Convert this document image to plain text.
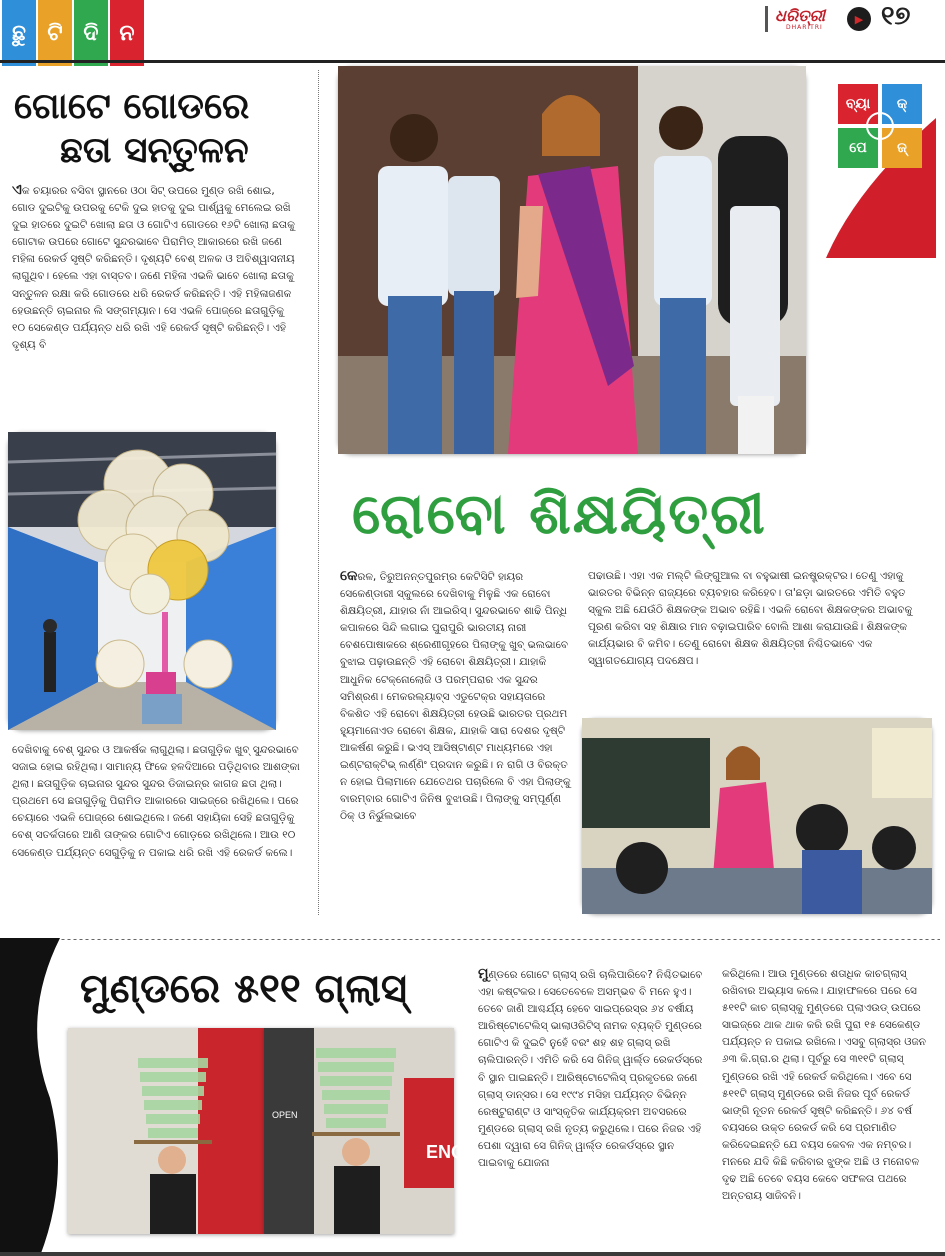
ଛୁ ଟି ଦି ନ
ଧରିତ୍ରୀ
DHARITRI
▶ ୧୭
ଗୋଟେ ଗୋଡରେ
ଛତା ସନ୍ତୁଳନ
ଏକ ଚୟାରର ବସିବା ସ୍ଥାନରେ ଓଠା ସିଟ୍ ଉପରେ ମୁଣ୍ଡ ରଖି ଶୋଇ, ଗୋଡ ଦୁଇଟିକୁ ଉପରକୁ ଟେକି ଦୁଇ ହାତକୁ ଦୁଇ ପାର୍ଶ୍ୱକୁ ମେଲେଇ ରଖି ଦୁଇ ହାତରେ ଦୁଇଟି ଖୋଲା ଛତା ଓ ଗୋଟିଏ ଗୋଡରେ ୧୬ଟି ଖୋଲା ଛତାକୁ ଗୋଟାକ ଉପରେ ଗୋଟେ ସୁନ୍ଦରଭାବେ ପିରାମିଡ୍ ଆକାରରେ ରଖି ଜଣେ ମହିଳା ରେକର୍ଡ ସୃଷ୍ଟି କରିଛନ୍ତି। ଦୃଶ୍ୟଟି ବେଶ୍ ଅଳକ ଓ ଅବିଶ୍ୱାସନୀୟ ଲାଗୁଥିବ। ହେଲେ ଏହା ବାସ୍ତବ। ଜଣେ ମହିଳା ଏଭଳି ଭାବେ ଖୋଲା ଛତାକୁ ସନ୍ତୁଳନ ରକ୍ଷା କରି ଗୋଡରେ ଧରି ରେକର୍ଡ କରିଛନ୍ତି। ଏହି ମହିଳାଜଣକ ହେଉଛନ୍ତି ଚାଇନାର ଲି ସଙ୍ଗମ୍ୟାନ। ସେ ଏଭଳି ପୋଜ୍‌ରେ ଛତାଗୁଡ଼ିକୁ ୧୦ ସେକେଣ୍ଡ ପର୍ଯ୍ୟନ୍ତ ଧରି ରଖି ଏହି ରେକର୍ଡ ସୃଷ୍ଟି କରିଛନ୍ତି। ଏହି ଦୃଶ୍ୟ ବି
ଦେଖିବାକୁ ବେଶ୍ ସୁନ୍ଦର ଓ ଆକର୍ଷକ ଲାଗୁଥିଲା। ଛତାଗୁଡ଼ିକ ଖୁବ୍ ସୁନ୍ଦରଭାବେ ସଜାଇ ହୋଇ ରହିଥିଲା। ସାମାନ୍ୟ ଫିକେ ହଳଦିଆରେ ପଡ଼ିଥିବାର ଆଶଙ୍କା ଥିଲା। ଛତାଗୁଡ଼ିକ ଚାଇନାର ସୁନ୍ଦର ସୁନ୍ଦର ଡିଜାଇନ୍‌ର କାଗଜ ଛତା ଥିଲା। ପ୍ରଥମେ ସେ ଛତାଗୁଡ଼ିକୁ ପିରାମିଡ ଆକାରରେ ସାଇଜ୍‌ରେ ରଖିଥିଲେ। ପରେ ଚେୟାରେ ଏଭଳି ପୋଜ୍‌ରେ ଶୋଇଥିଲେ। ଜଣେ ସହାୟିକା ସେହି ଛତାଗୁଡ଼ିକୁ ବେଶ୍ ସତର୍କତାରେ ଆଣି ତାଙ୍କର ଗୋଟିଏ ଗୋଡ଼ରେ ରଖିଥିଲେ। ଆଉ ୧୦ ସେକେଣ୍ଡ ପର୍ଯ୍ୟନ୍ତ ସେଗୁଡ଼ିକୁ ନ ପକାଇ ଧରି ରଖି ଏହି ରେକର୍ଡ କଲେ।
ବ୍ୟା	କ୍
ପେ	ଜ୍
ରୋବୋ ଶିକ୍ଷୟିତ୍ରୀ
କେରଳ, ତିରୁଅନନ୍ତପୁରମ୍‌ର କେଟିସିଟି ହାୟର ସେକେଣ୍ଡାରୀ ସ୍କୁଲରେ ଦେଖିବାକୁ ମିଳୁଛି ଏକ ରୋବୋ ଶିକ୍ଷୟିତ୍ରୀ, ଯାହାର ନାଁ ଆଇରିସ୍। ସୁନ୍ଦରଭାବେ ଶାଢି ପିନ୍ଧି କପାଳରେ ସିନ୍ଦି ଲଗାଇ ପୁରାପୁରି ଭାରତୀୟ ନାରୀ ବେଶପୋଷାକରେ ଶ୍ରେଣୀଗୃହରେ ପିଲାଙ୍କୁ ଖୁବ୍ ଭଲଭାବେ ବୁଝାଇ ପଢ଼ାଉଛନ୍ତି ଏହି ରୋବୋ ଶିକ୍ଷୟିତ୍ରୀ। ଯାହାକି ଆଧୁନିକ ଟେକ୍ନୋଲୋଜି ଓ ପରମ୍ପରାର ଏକ ସୁନ୍ଦର ସମିଶ୍ରଣ। ମେକରଲ୍ୟାବ୍ସ ଏଡୁଟେକ୍‌ର ସହାୟତାରେ ବିକଶିତ ଏହି ରୋବୋ ଶିକ୍ଷୟିତ୍ରୀ ହେଉଛି ଭାରତର ପ୍ରଥମ ହ୍ୟୁମାନୋଏଡ ରୋବୋ ଶିକ୍ଷକ, ଯାହାକି ସାରା ଦେଶର ଦୃଷ୍ଟି ଆକର୍ଷଣ କରୁଛି। ଭଏସ୍ ଆସିଷ୍ଟାଣ୍ଟ ମାଧ୍ୟମରେ ଏହା ଇଣ୍ଟରାକ୍ଟିଭ୍ ଲର୍ଣ୍ଣିଂ ପ୍ରଦାନ କରୁଛି। ନ ରାଗି ଓ ବିରକ୍ତ ନ ହୋଇ ପିଲାମାନେ ଯେତେଥର ପଚାରିଲେ ବି ଏହା ପିଲାଙ୍କୁ ବାରମ୍ବାର ଗୋଟିଏ ଜିନିଷ ବୁଝାଉଛି। ପିଲାଙ୍କୁ ସମ୍ପୂର୍ଣ୍ଣ ଠିକ୍ ଓ ନିର୍ଭୁଲଭାବେ
ପଢାଉଛି। ଏହା ଏକ ମଲ୍ଟି ଲିଙ୍ଗୁଆଲ ବା ବହୁଭାଷୀ ଇନଷ୍ଟ୍ରକ୍ଟର। ତେଣୁ ଏହାକୁ ଭାରତର ବିଭିନ୍ନ ରାଜ୍ୟରେ ବ୍ୟବହାର କରିହେବ। ତା'ଛଡ଼ା ଭାରତରେ ଏମିତି ବହୁତ ସ୍କୁଲ ଅଛି ଯେଉଁଠି ଶିକ୍ଷକଙ୍କ ଅଭାବ ରହିଛି। ଏଭଳି ରୋବୋ ଶିକ୍ଷକଙ୍କର ଅଭାବକୁ ପୂରଣ କରିବା ସହ ଶିକ୍ଷାର ମାନ ବଢ଼ାଇପାରିବ ବୋଲି ଆଶା କରାଯାଉଛି। ଶିକ୍ଷକଙ୍କ କାର୍ଯ୍ୟଭାର ବି କମିବ। ତେଣୁ ରୋବୋ ଶିକ୍ଷକ ଶିକ୍ଷୟିତ୍ରୀ ନିଶ୍ଚିତଭାବେ ଏକ ସ୍ୱାଗତଯୋଗ୍ୟ ପଦକ୍ଷେପ।
ମୁଣ୍ଡରେ ୫୧୧ ଗ୍ଲାସ୍
ENQUE
OPEN
ମୁଣ୍ଡରେ ଗୋଟେ ଗ୍ଲାସ୍ ରଖି ଚାଲିପାରିବେ? ନିଶ୍ଚିତଭାବେ ଏହା କଷ୍ଟକର। ସେତେବେଳେ ଅସମ୍ଭବ ବି ମନେ ହୁଏ। ତେବେ ଜାଣି ଆଶ୍ଚର୍ଯ୍ୟ ହେବେ ସାଇପ୍ରେସ୍‌ର ୬୪ ବର୍ଷୀୟ ଆରିଷ୍ଟୋଟେଲିସ୍ ଭାଲାଓରିଟିସ୍ ନାମକ ବ୍ୟକ୍ତି ମୁଣ୍ଡରେ ଗୋଟିଏ କି ଦୁଇଟି ନୁହେଁ ବରଂ ଶହ ଶହ ଗ୍ଲାସ୍ ରଖି ଚାଲିପାରନ୍ତି। ଏମିତି କରି ସେ ଗିନିଜ୍ ୱାର୍ଲ୍ଡ ରେକର୍ଡସ୍‌ରେ ବି ସ୍ଥାନ ପାଇଛନ୍ତି। ଆରିଷ୍ଟୋଟେଲିସ୍ ପ୍ରକୃତରେ ଜଣେ ଗ୍ଲାସ୍ ଡାନ୍ସର। ସେ ୧୯୯୪ ମସିହା ପର୍ଯ୍ୟନ୍ତ ବିଭିନ୍ନ ରେଷ୍ଟୁରାଣ୍ଟ ଓ ସାଂସ୍କୃତିକ କାର୍ଯ୍ୟକ୍ରମ ଅବସରରେ ମୁଣ୍ଡରେ ଗ୍ଲାସ୍ ରଖି ନୃତ୍ୟ କରୁଥିଲେ। ପରେ ନିଜର ଏହି ପେଶା ଦ୍ୱାରା ସେ ଗିନିଜ୍ ୱାର୍ଲ୍ଡ ରେକର୍ଡସ୍‌ରେ ସ୍ଥାନ ପାଇବାକୁ ଯୋଜନା
କରିଥିଲେ। ଆଉ ମୁଣ୍ଡରେ ଶତାଧିକ କାଚଗ୍ଲାସ୍ ରଖିବାର ଅଭ୍ୟାସ କଲେ। ଯାହାଫଳରେ ପରେ ସେ ୫୧୧ଟି କାଚ ଗ୍ଲାସ୍‌କୁ ମୁଣ୍ଡରେ ପ୍ଲାଏଉଡ୍ ଉପରେ ସାଇଜ୍‌ରେ ଥାକ ଥାକ କରି ରଖି ପୁରା ୧୫ ସେକେଣ୍ଡ ପର୍ଯ୍ୟନ୍ତ ନ ପକାଇ ରଖିଲେ। ଏସବୁ ଗ୍ଲାସ୍‌ର ଓଜନ ୬୩ କି.ଗ୍ରା.ର ଥିଲା। ପୂର୍ବରୁ ସେ ୩୧୧ଟି ଗ୍ଲାସ୍ ମୁଣ୍ଡରେ ରଖି ଏହି ରେକର୍ଡ କରିଥିଲେ। ଏବେ ସେ ୫୧୧ଟି ଗ୍ଲାସ୍ ମୁଣ୍ଡରେ ରଖି ନିଜର ପୂର୍ବ ରେକର୍ଡ ଭାଙ୍ଗି ନୂତନ ରେକର୍ଡ ସୃଷ୍ଟି କରିଛନ୍ତି। ୬୪ ବର୍ଷ ବୟସରେ ଉକ୍ତ ରେକର୍ଡ କରି ସେ ପ୍ରମାଣିତ କରିଦେଇଛନ୍ତି ଯେ ବୟସ କେବଳ ଏକ ନମ୍ବର। ମନରେ ଯଦି କିଛି କରିବାର ଝୁଙ୍କ ଅଛି ଓ ମନୋବଳ ଦୃଢ ଅଛି ତେବେ ବୟସ କେବେ ସଫଳତା ପଥରେ ଅନ୍ତରାୟ ସାଜିବନି।
